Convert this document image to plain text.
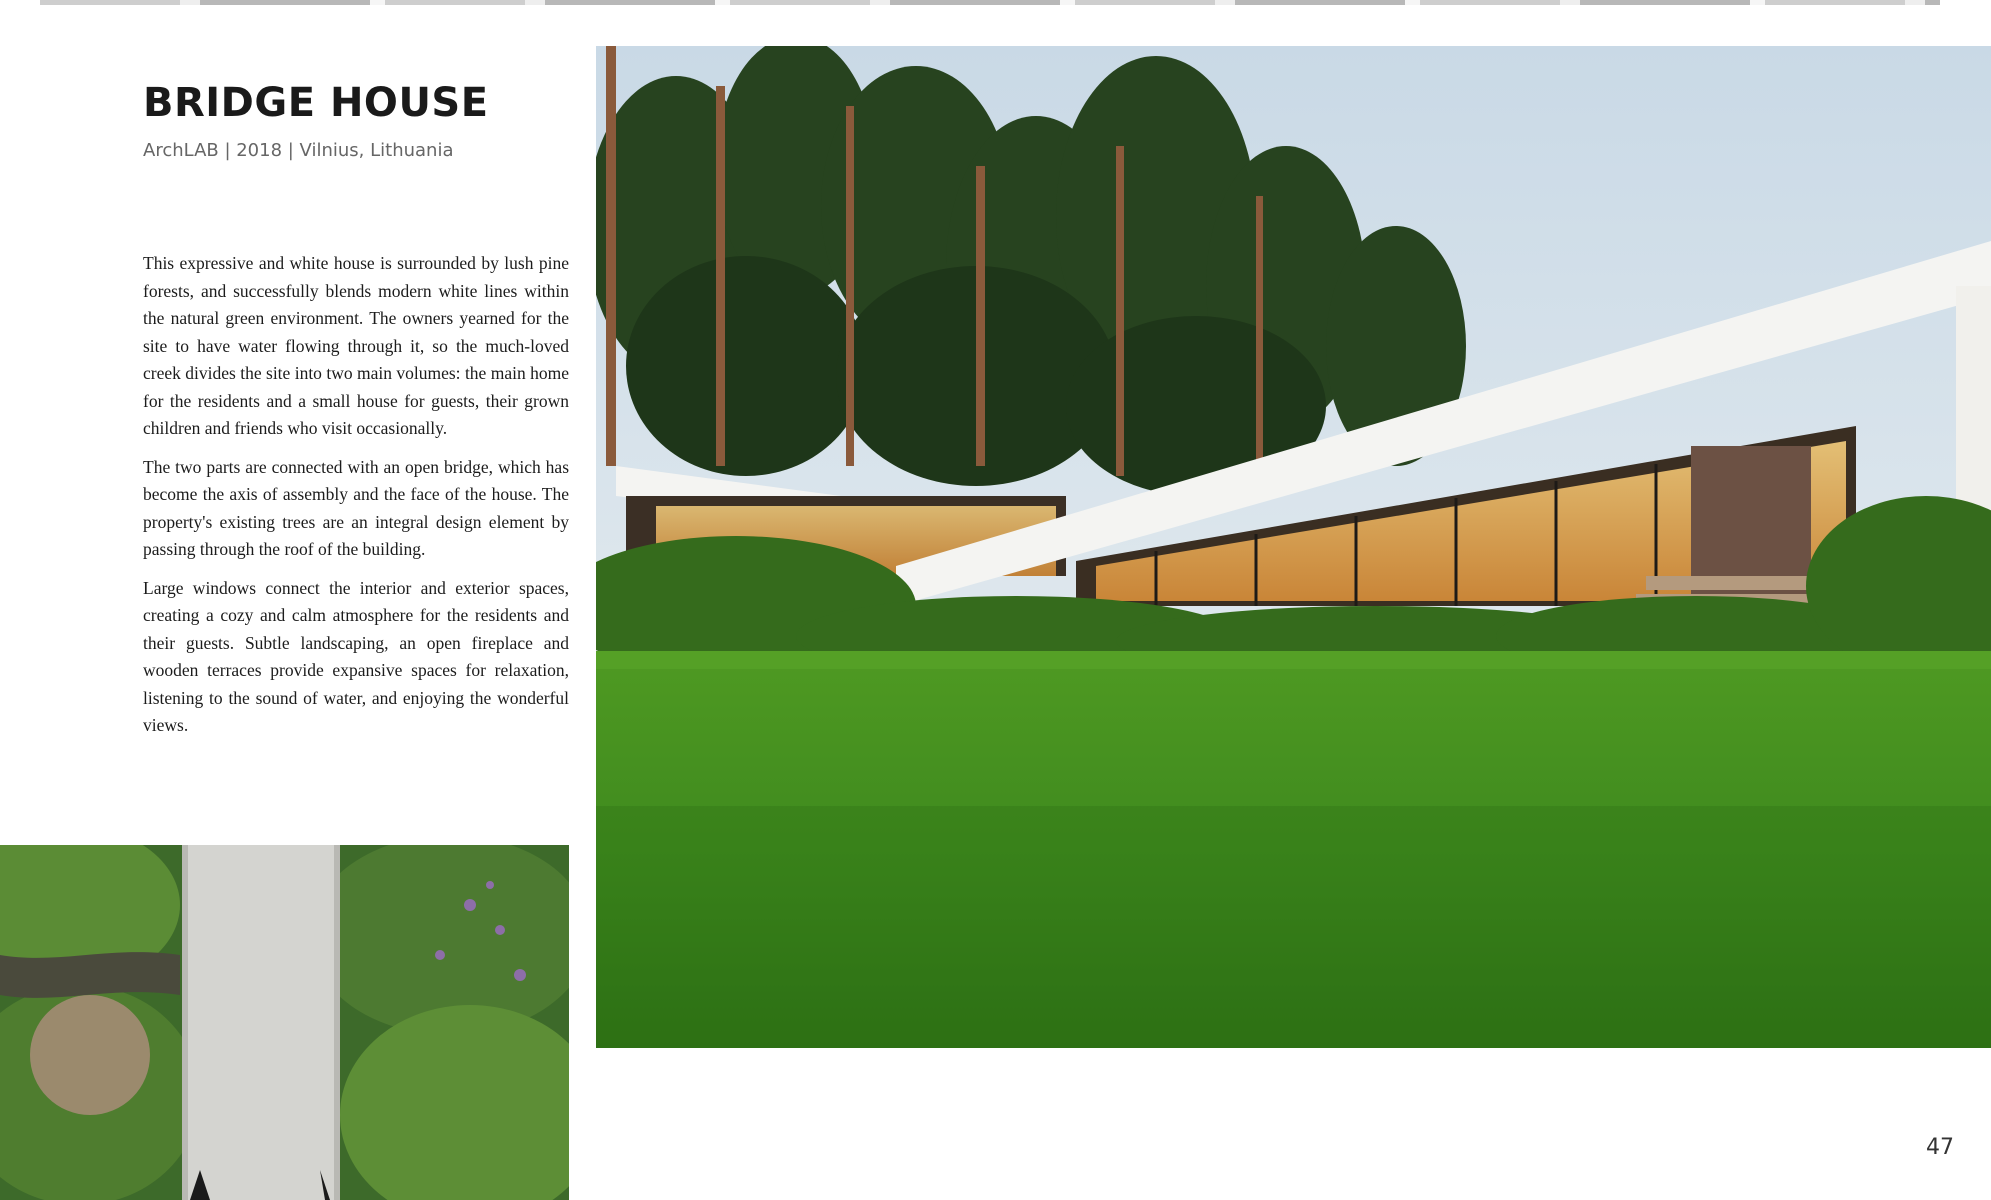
BRIDGE HOUSE
ArchLAB | 2018 | Vilnius, Lithuania

This expressive and white house is surrounded by lush pine forests, and successfully blends modern white lines within the natural green environment. The owners yearned for the site to have water flowing through it, so the much-loved creek divides the site into two main volumes: the main home for the residents and a small house for guests, their grown children and friends who visit occasionally.

The two parts are connected with an open bridge, which has become the axis of assembly and the face of the house. The property's existing trees are an integral design element by passing through the roof of the building.

Large windows connect the interior and exterior spaces, creating a cozy and calm atmosphere for the residents and their guests. Subtle landscaping, an open fireplace and wooden terraces provide expansive spaces for relaxation, listening to the sound of water, and enjoying the wonderful views.

47
